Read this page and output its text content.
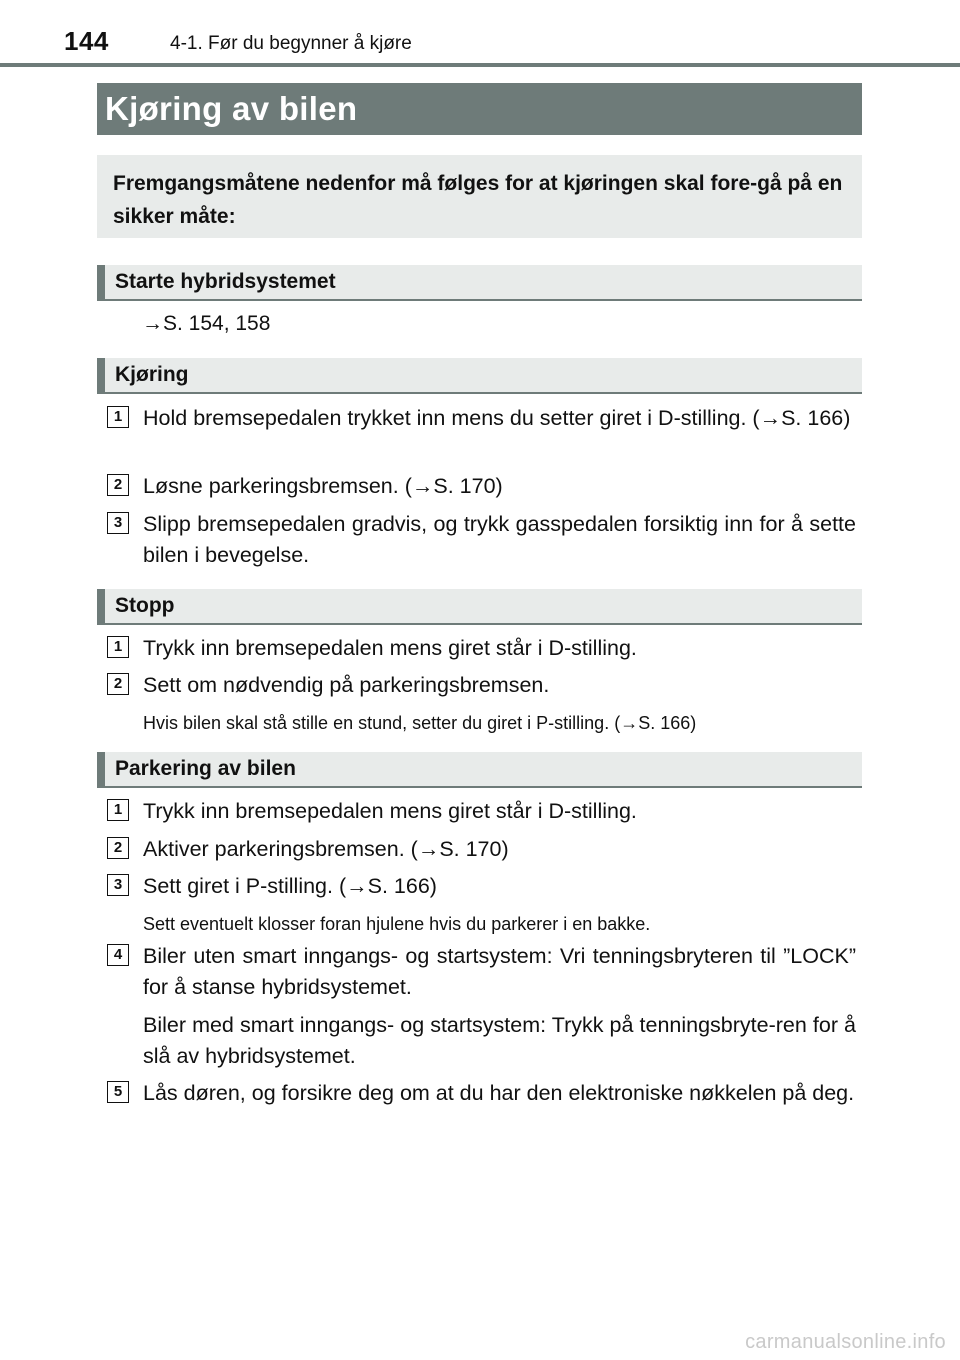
144	4-1. Før du begynner å kjøre
Kjøring av bilen
Fremgangsmåtene nedenfor må følges for at kjøringen skal fore-gå på en sikker måte:
Starte hybridsystemet
→S. 154, 158
Kjøring
1 Hold bremsepedalen trykket inn mens du setter giret i D-stilling. (→S. 166)
2 Løsne parkeringsbremsen. (→S. 170)
3 Slipp bremsepedalen gradvis, og trykk gasspedalen forsiktig inn for å sette bilen i bevegelse.
Stopp
1 Trykk inn bremsepedalen mens giret står i D-stilling.
2 Sett om nødvendig på parkeringsbremsen.
Hvis bilen skal stå stille en stund, setter du giret i P-stilling. (→S. 166)
Parkering av bilen
1 Trykk inn bremsepedalen mens giret står i D-stilling.
2 Aktiver parkeringsbremsen. (→S. 170)
3 Sett giret i P-stilling. (→S. 166)
Sett eventuelt klosser foran hjulene hvis du parkerer i en bakke.
4 Biler uten smart inngangs- og startsystem: Vri tenningsbryteren til ”LOCK” for å stanse hybridsystemet.
Biler med smart inngangs- og startsystem: Trykk på tenningsbryte-ren for å slå av hybridsystemet.
5 Lås døren, og forsikre deg om at du har den elektroniske nøkkelen på deg.
carmanualsonline.info
